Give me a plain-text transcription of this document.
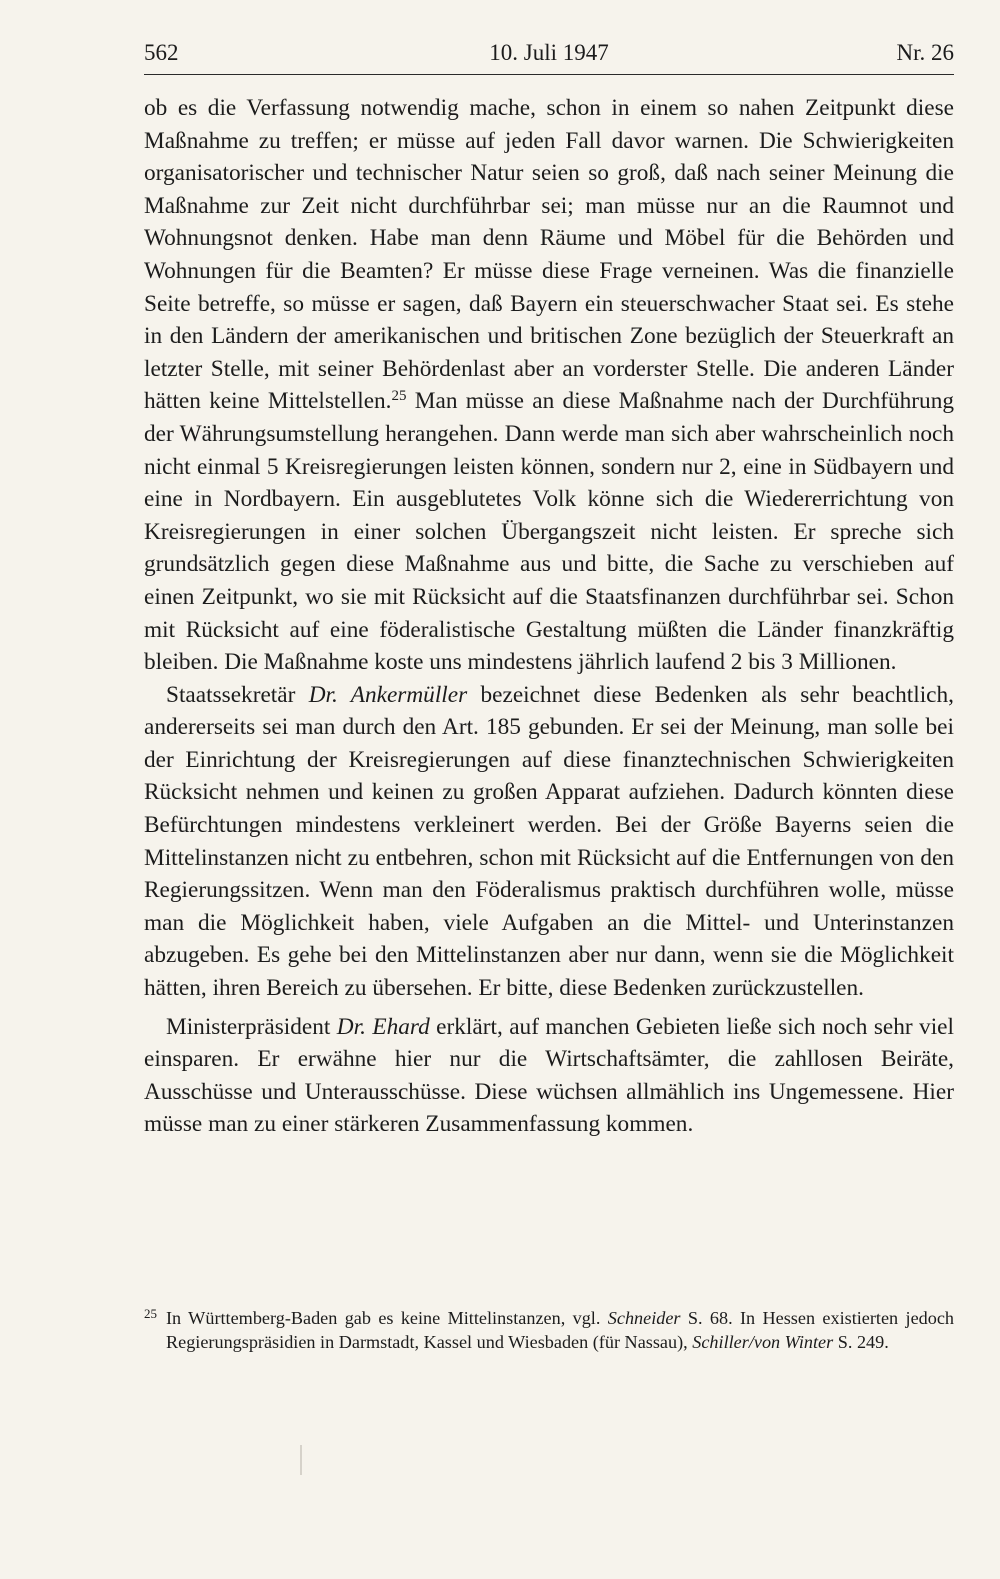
10. Juli 1947
562	Nr. 26

ob es die Verfassung notwendig mache, schon in einem so nahen Zeitpunkt diese Maßnahme zu treffen; er müsse auf jeden Fall davor warnen. Die Schwierigkeiten organisatorischer und technischer Natur seien so groß, daß nach seiner Meinung die Maßnahme zur Zeit nicht durchführbar sei; man müsse nur an die Raumnot und Wohnungsnot denken. Habe man denn Räume und Möbel für die Behörden und Wohnungen für die Beamten? Er müsse diese Frage verneinen. Was die finanzielle Seite betreffe, so müsse er sagen, daß Bayern ein steuerschwacher Staat sei. Es stehe in den Ländern der amerikanischen und britischen Zone bezüglich der Steuerkraft an letzter Stelle, mit seiner Behördenlast aber an vorderster Stelle. Die anderen Länder hätten keine Mittelstellen.$^{25}$ Man müsse an diese Maßnahme nach der Durchführung der Währungsumstellung herangehen. Dann werde man sich aber wahrscheinlich noch nicht einmal 5 Kreisregierungen leisten können, sondern nur 2, eine in Südbayern und eine in Nordbayern. Ein ausgeblutetes Volk könne sich die Wiedererrichtung von Kreisregierungen in einer solchen Übergangszeit nicht leisten. Er spreche sich grundsätzlich gegen diese Maßnahme aus und bitte, die Sache zu verschieben auf einen Zeitpunkt, wo sie mit Rücksicht auf die Staatsfinanzen durchführbar sei. Schon mit Rücksicht auf eine föderalistische Gestaltung müßten die Länder finanzkräftig bleiben. Die Maßnahme koste uns mindestens jährlich laufend 2 bis 3 Millionen.

Staatssekretär Dr. Ankermüller bezeichnet diese Bedenken als sehr beachtlich, andererseits sei man durch den Art. 185 gebunden. Er sei der Meinung, man solle bei der Einrichtung der Kreisregierungen auf diese finanztechnischen Schwierigkeiten Rücksicht nehmen und keinen zu großen Apparat aufziehen. Dadurch könnten diese Befürchtungen mindestens verkleinert werden. Bei der Größe Bayerns seien die Mittelinstanzen nicht zu entbehren, schon mit Rücksicht auf die Entfernungen von den Regierungssitzen. Wenn man den Föderalismus praktisch durchführen wolle, müsse man die Möglichkeit haben, viele Aufgaben an die Mittel- und Unterinstanzen abzugeben. Es gehe bei den Mittelinstanzen aber nur dann, wenn sie die Möglichkeit hätten, ihren Bereich zu übersehen. Er bitte, diese Bedenken zurückzustellen.

Ministerpräsident Dr. Ehard erklärt, auf manchen Gebieten ließe sich noch sehr viel einsparen. Er erwähne hier nur die Wirtschaftsämter, die zahllosen Beiräte, Ausschüsse und Unterausschüsse. Diese wüchsen allmählich ins Ungemessene. Hier müsse man zu einer stärkeren Zusammenfassung kommen.

25 In Württemberg-Baden gab es keine Mittelinstanzen, vgl. Schneider S. 68. In Hessen existierten jedoch Regierungspräsidien in Darmstadt, Kassel und Wiesbaden (für Nassau), Schiller/von Winter S. 249.
